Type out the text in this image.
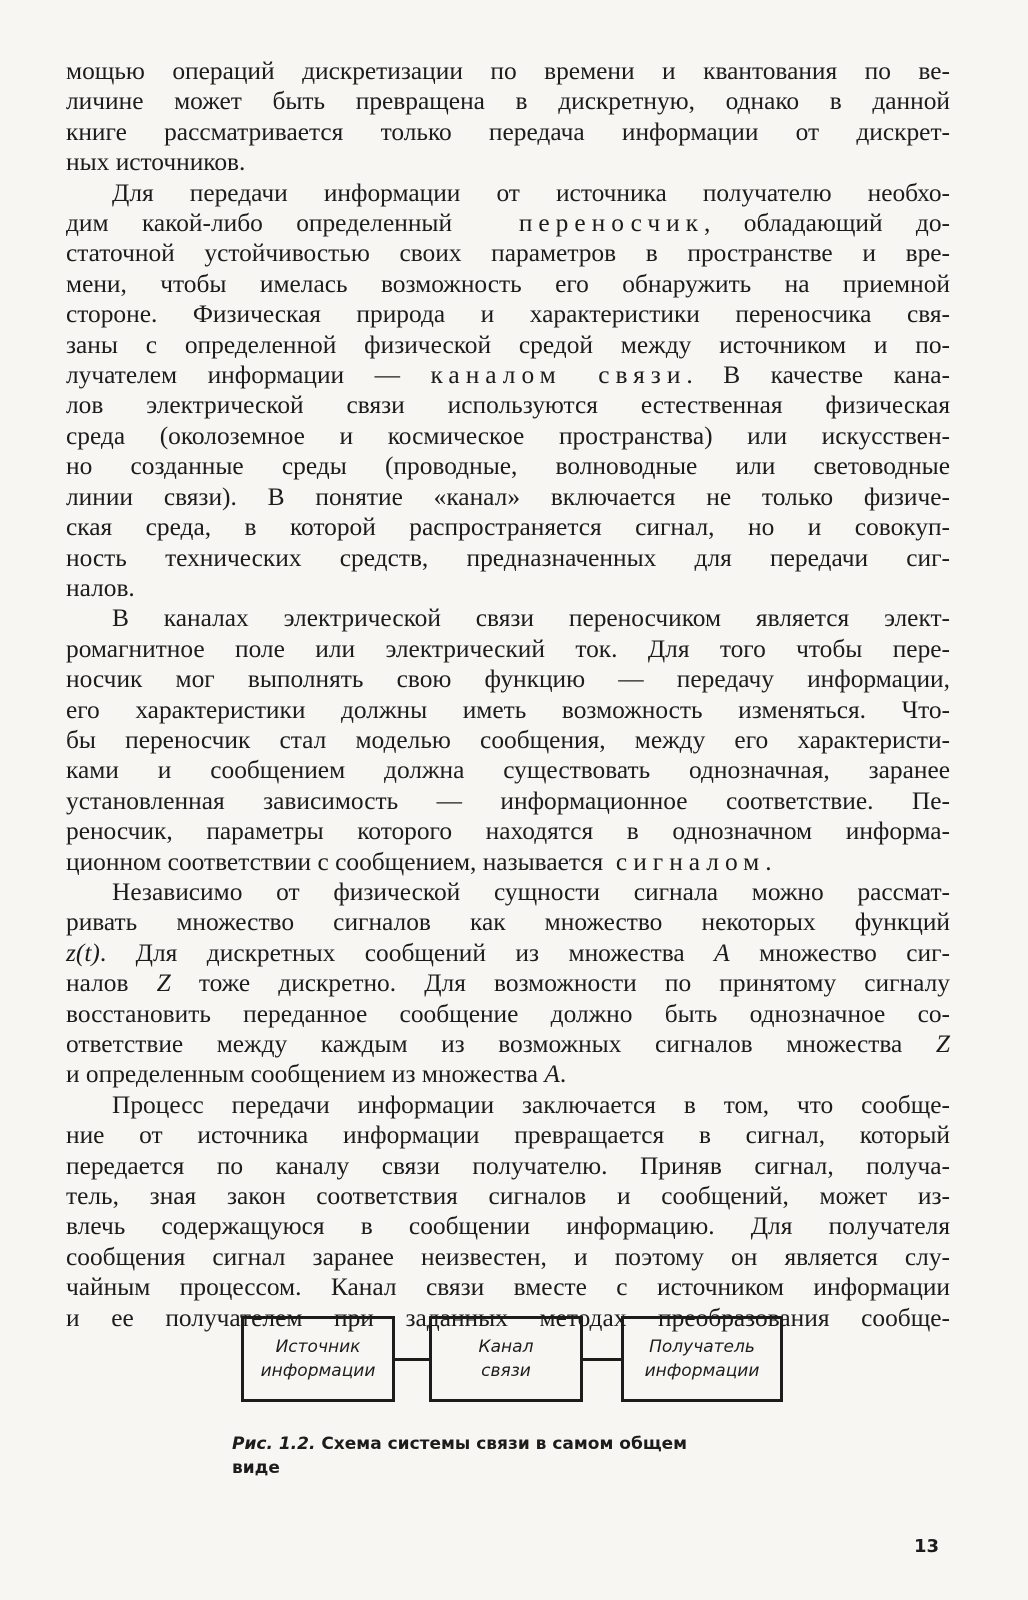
мощью операций дискретизации по времени и квантования по ве-
личине может быть превращена в дискретную, однако в данной
книге рассматривается только передача информации от дискрет-
ных источников.
Для передачи информации от источника получателю необхо-
дим какой-либо определенный	переносчик, обладающий до-
статочной устойчивостью своих параметров в пространстве и вре-
мени, чтобы имелась возможность его обнаружить на приемной
стороне. Физическая природа и характеристики переносчика свя-
заны с определенной физической средой между источником и по-
лучателем информации — каналом связи. В качестве кана-
лов электрической связи используются естественная физическая
среда (околоземное и космическое пространства) или искусствен-
но созданные среды (проводные, волноводные или световодные
линии связи). В понятие «канал» включается не только физиче-
ская среда, в которой распространяется сигнал, но и совокуп-
ность технических средств, предназначенных для передачи сиг-
налов.
В каналах электрической связи переносчиком является элект-
ромагнитное поле или электрический ток. Для того чтобы пере-
носчик мог выполнять свою функцию — передачу информации,
его характеристики должны иметь возможность изменяться. Что-
бы переносчик стал моделью сообщения, между его характеристи-
ками и сообщением должна существовать однозначная, заранее
установленная зависимость — информационное соответствие. Пе-
реносчик, параметры которого находятся в однозначном информа-
ционном соответствии с сообщением, называется сигналом.
Независимо от физической сущности сигнала можно рассмат-
ривать множество сигналов как множество некоторых функций
z(t). Для дискретных сообщений из множества A множество сиг-
налов Z тоже дискретно. Для возможности по принятому сигналу
восстановить переданное сообщение должно быть однозначное со-
ответствие между каждым из возможных сигналов множества Z
и определенным сообщением из множества A.
Процесс передачи информации заключается в том, что сообще-
ние от источника информации превращается в сигнал, который
передается по каналу связи получателю. Приняв сигнал, получа-
тель, зная закон соответствия сигналов и сообщений, может из-
влечь содержащуюся в сообщении информацию. Для получателя
сообщения сигнал заранее неизвестен, и поэтому он является слу-
чайным процессом. Канал связи вместе с источником информации
и ее получателем при заданных методах преобразования сообще-
Источник
информации
Канал
связи
Получатель
информации
Рис. 1.2. Схема системы связи в самом общем
виде
13
